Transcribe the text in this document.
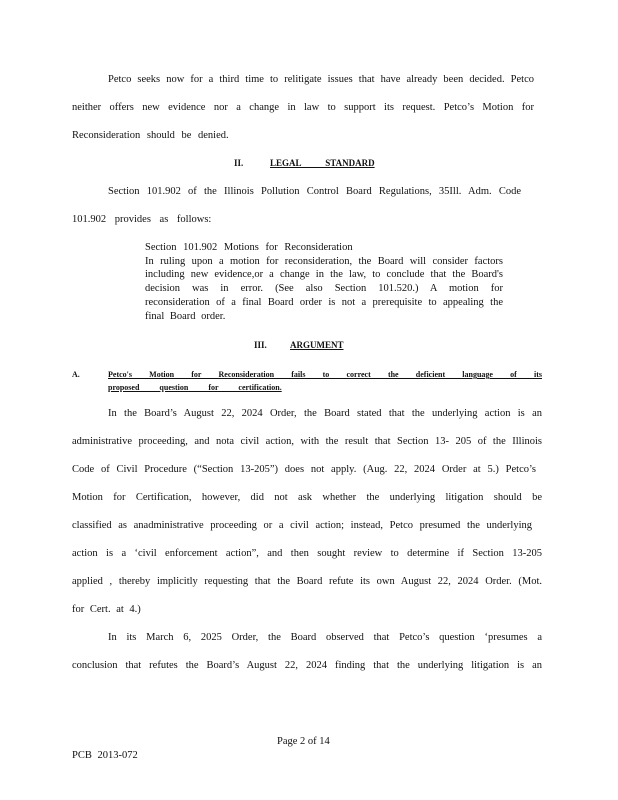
Petco seeks now for a third time to relitigate issues that have already been decided. Petco
neither offers new evidence nor a change in law to support its request. Petco’s Motion for
Reconsideration should be denied.
II.	LEGAL STANDARD
Section 101.902 of the Illinois Pollution Control Board Regulations, 35Ill. Adm. Code
101.902 provides as follows:
Section 101.902 Motions for Reconsideration
In ruling upon a motion for reconsideration, the Board will consider factors
including new evidence,or a change in the law, to conclude that the Board's
decision was in error. (See also Section 101.520.) A motion for
reconsideration of a final Board order is not a prerequisite to appealing the
final Board order.
III.	ARGUMENT
A.	Petco's Motion for Reconsideration fails to correct the deficient language of its
proposed question for certification.
In the Board’s August 22, 2024 Order, the Board stated that the underlying action is an
administrative proceeding, and nota civil action, with the result that Section 13- 205 of the Illinois
Code of Civil Procedure (“Section 13-205”) does not apply. (Aug. 22, 2024 Order at 5.) Petco’s
Motion for Certification, however, did not ask whether the underlying litigation should be
classified as anadministrative proceeding or a civil action; instead, Petco presumed the underlying
action is a ‘civil enforcement action”, and then sought review to determine if Section 13-205
applied , thereby implicitly requesting that the Board refute its own August 22, 2024 Order. (Mot.
for Cert. at 4.)
In its March 6, 2025 Order, the Board observed that Petco’s question ‘presumes a
conclusion that refutes the Board’s August 22, 2024 finding that the underlying litigation is an
Page 2 of 14
PCB 2013-072
